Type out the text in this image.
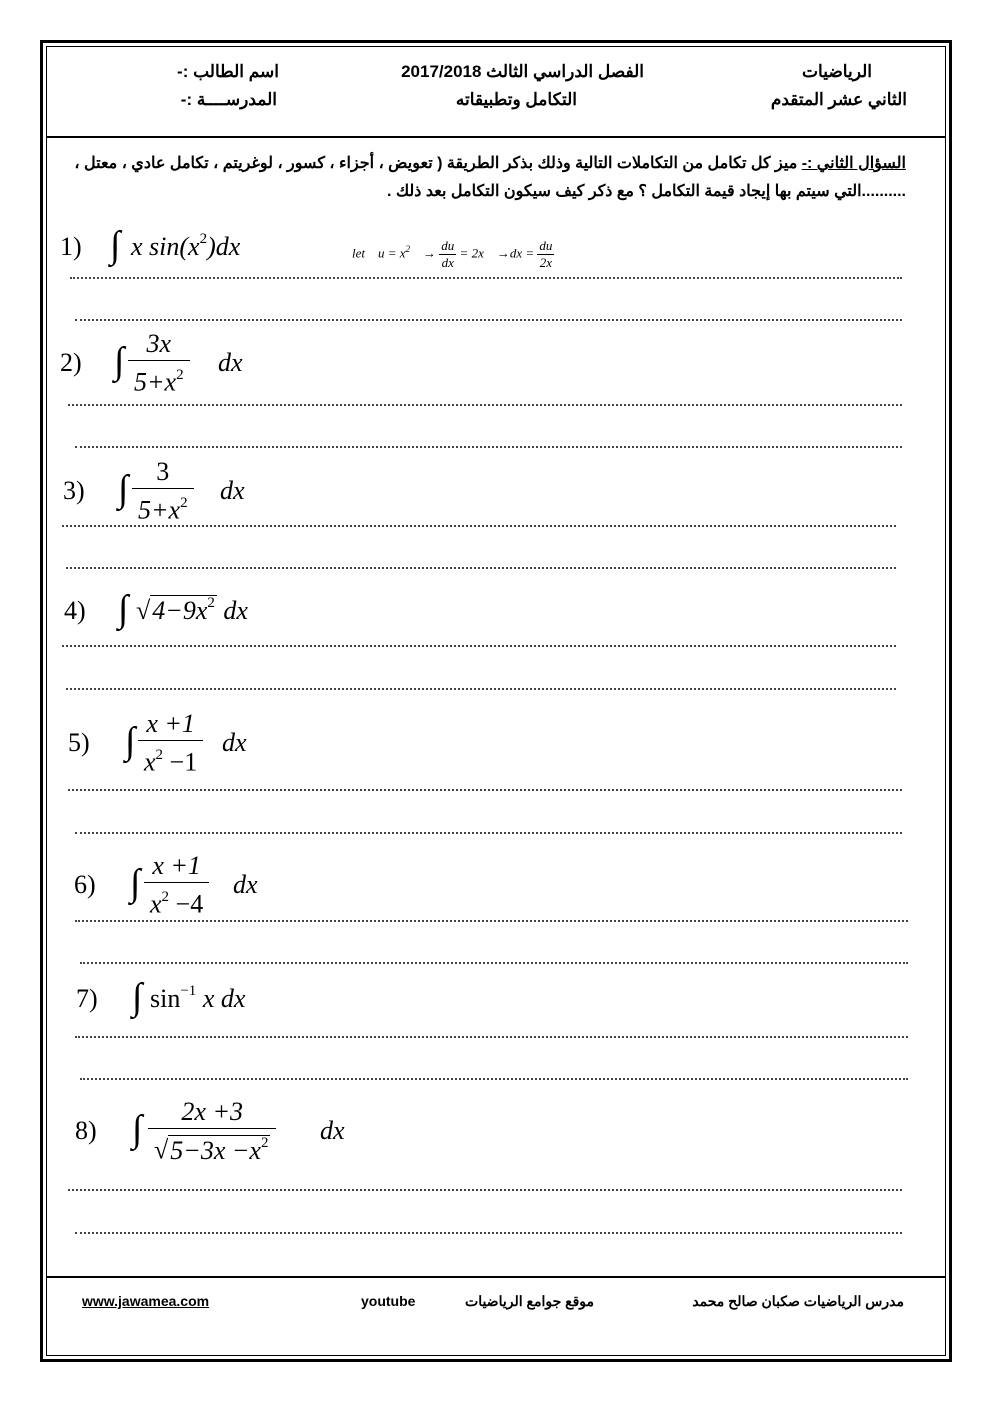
الرياضيات
الثاني عشر المتقدم
الفصل الدراسي الثالث 2017/2018
التكامل وتطبيقاته
اسم الطالب :-
المدرســــة :-
السؤال الثاني :- ميز كل تكامل من التكاملات التالية وذلك بذكر الطريقة ( تعويض ، أجزاء ، كسور ، لوغريتم ، تكامل عادي ، معتل ، ..........التي سيتم بها إيجاد قيمة التكامل ؟ مع ذكر كيف سيكون التكامل بعد ذلك .
1) ∫ x $\sin(x^2)dx$	let $u = x^2 \to \frac{du}{dx} = 2x \to dx = \frac{du}{2x}$
2) ∫ $\frac{3x}{5+x^2}$ dx
3) ∫ $\frac{3}{5+x^2}$ dx
4) ∫ $√4-9x^2$ dx
5) ∫ $\frac{x +1}{x^2 -1}$ dx
6) ∫ $\frac{x +1}{x^2 -4}$ dx
7) ∫ $\sin^{-1} x$ dx
8) ∫ $\frac{2x +3}{√5-3x -x^2}$ dx
مدرس الرياضيات صكبان صالح محمد
موقع جوامع الرياضيات
youtube
www.jawamea.com
